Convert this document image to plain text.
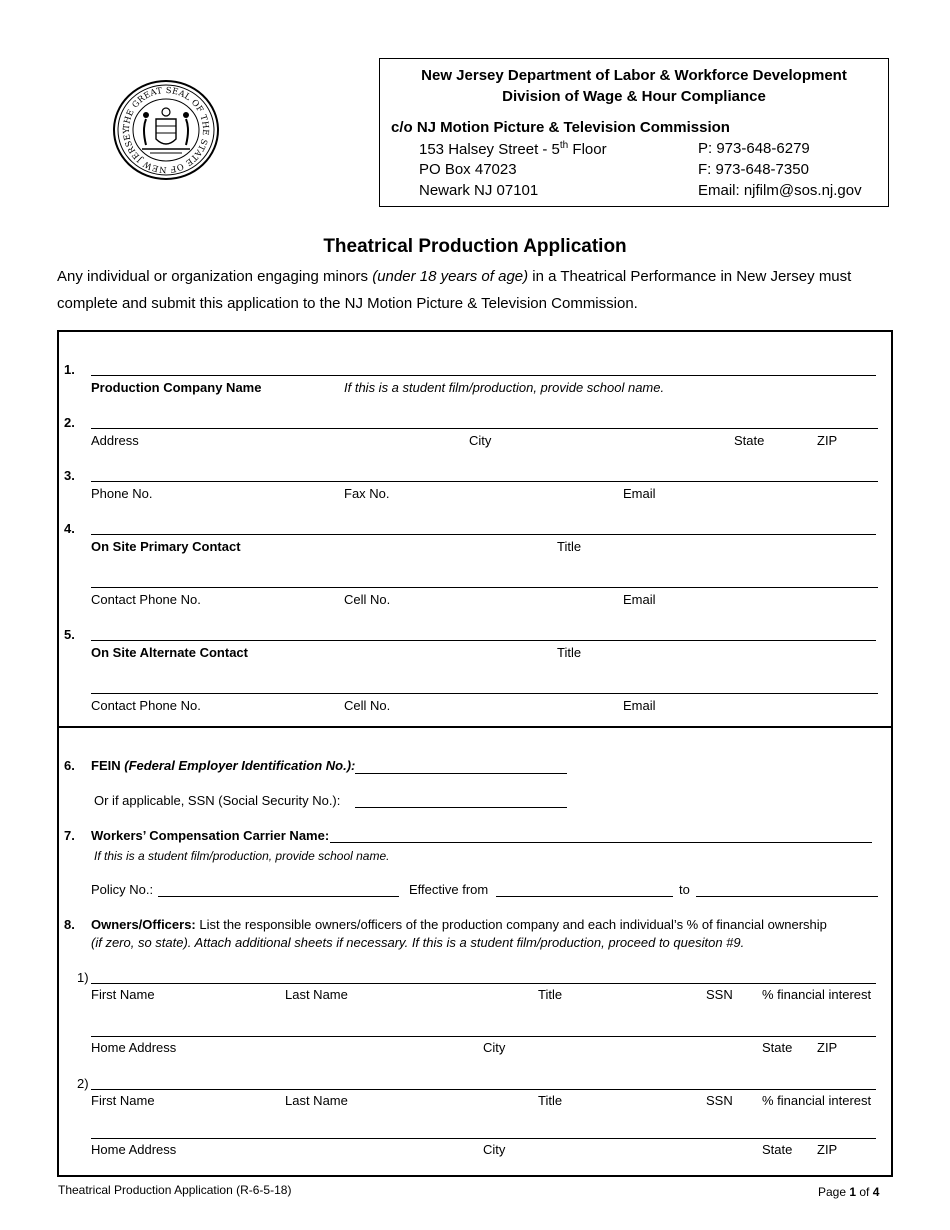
THE GREAT SEAL OF THE STATE OF NEW JERSEY
New Jersey Department of Labor & Workforce Development
Division of Wage & Hour Compliance
c/o NJ Motion Picture & Television Commission
153 Halsey Street - 5th Floor
PO Box 47023
Newark NJ 07101
P: 973-648-6279
F: 973-648-7350
Email: njfilm@sos.nj.gov
Theatrical Production Application
Any individual or organization engaging minors (under 18 years of age) in a Theatrical Performance in New Jersey must
complete and submit this application to the NJ Motion Picture & Television Commission.
1.
Production Company Name	If this is a student film/production, provide school name.
2.
Address	City	State	ZIP
3.
Phone No.	Fax No.	Email
4.
On Site Primary Contact	Title
Contact Phone No.	Cell No.	Email
5.
On Site Alternate Contact	Title
Contact Phone No.	Cell No.	Email
6. FEIN (Federal Employer Identification No.):
Or if applicable, SSN (Social Security No.):
7. Workers’ Compensation Carrier Name:
If this is a student film/production, provide school name.
Policy No.:	Effective from	to
8. Owners/Officers: List the responsible owners/officers of the production company and each individual’s % of financial ownership
(if zero, so state). Attach additional sheets if necessary. If this is a student film/production, proceed to quesiton #9.
1)
First Name	Last Name	Title	SSN % financial interest
Home Address	City	State ZIP
2)
First Name	Last Name	Title	SSN % financial interest
Home Address	City	State ZIP
Theatrical Production Application (R-6-5-18)	Page 1 of 4
